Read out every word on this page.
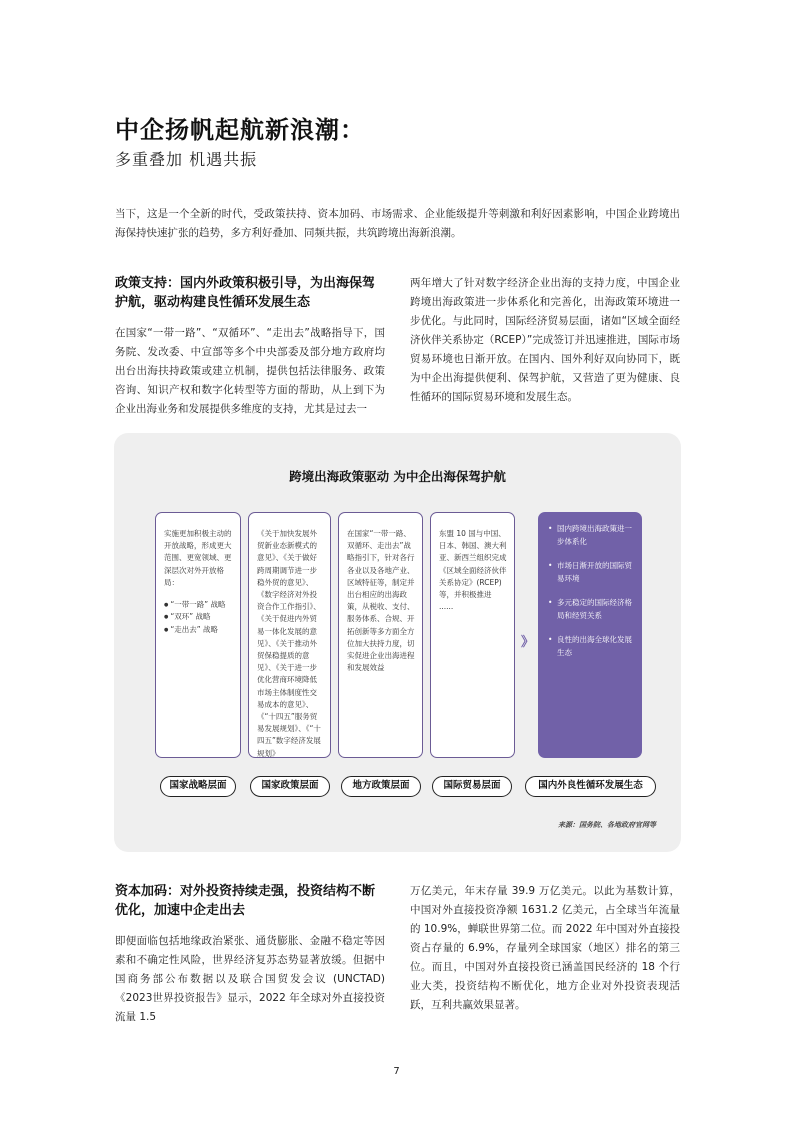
中企扬帆起航新浪潮：
多重叠加 机遇共振

当下，这是一个全新的时代，受政策扶持、资本加码、市场需求、企业能级提升等刺激和利好因素影响，中国企业跨境出海保持快速扩张的趋势，多方利好叠加、同频共振，共筑跨境出海新浪潮。

政策支持：国内外政策积极引导，为出海保驾护航，驱动构建良性循环发展生态

在国家“一带一路”、“双循环”、“走出去”战略指导下，国务院、发改委、中宣部等多个中央部委及部分地方政府均出台出海扶持政策或建立机制，提供包括法律服务、政策咨询、知识产权和数字化转型等方面的帮助，从上到下为企业出海业务和发展提供多维度的支持，尤其是过去一

两年增大了针对数字经济企业出海的支持力度，中国企业跨境出海政策进一步体系化和完善化，出海政策环境进一步优化。与此同时，国际经济贸易层面，诸如“区域全面经济伙伴关系协定（RCEP）”完成签订并迅速推进，国际市场贸易环境也日渐开放。在国内、国外利好双向协同下，既为中企出海提供便利、保驾护航，又营造了更为健康、良性循环的国际贸易环境和发展生态。

跨境出海政策驱动 为中企出海保驾护航
实施更加积极主动的开放战略，形成更大范围、更宽领域、更深层次对外开放格局：
● “一带一路” 战略
● “双环” 战略
● “走出去” 战略
《关于加快发展外贸新业态新模式的意见》、《关于做好跨周期调节进一步稳外贸的意见》、《数字经济对外投资合作工作指引》、《关于促进内外贸易一体化发展的意见》、《关于推动外贸保稳提质的意见》、《关于进一步优化营商环境降低市场主体制度性交易成本的意见》、《“十四五”服务贸易发展规划》、《“十四五”数字经济发展规划》
在国家“一带一路、双循环、走出去”战略指引下，针对各行各业以及各地产业、区域特征等，制定并出台相应的出海政策，从税收、支付、服务体系、合规、开拓创新等多方面全方位加大扶持力度，切实促进企业出海进程和发展效益
东盟 10 国与中国、日本、韩国、澳大利亚、新西兰组织完成《区域全面经济伙伴关系协定》(RCEP) 等，并积极推进 ......
》
• 国内跨境出海政策进一步体系化
• 市场日渐开放的国际贸易环境
• 多元稳定的国际经济格局和经贸关系
• 良性的出海全球化发展生态
国家战略层面	国家政策层面	地方政策层面	国际贸易层面	国内外良性循环发展生态
来源：国务院、各地政府官网等
资本加码：对外投资持续走强，投资结构不断优化，加速中企走出去

即便面临包括地缘政治紧张、通货膨胀、金融不稳定等因素和不确定性风险，世界经济复苏态势显著放缓。但据中国商务部公布数据以及联合国贸发会议 (UNCTAD)《2023世界投资报告》显示，2022 年全球对外直接投资流量 1.5

万亿美元，年末存量 39.9 万亿美元。以此为基数计算，中国对外直接投资净额 1631.2 亿美元，占全球当年流量的 10.9%，蝉联世界第二位。而 2022 年中国对外直接投资占存量的 6.9%，存量列全球国家（地区）排名的第三位。而且，中国对外直接投资已涵盖国民经济的 18 个行业大类，投资结构不断优化，地方企业对外投资表现活跃，互利共赢效果显著。

7
